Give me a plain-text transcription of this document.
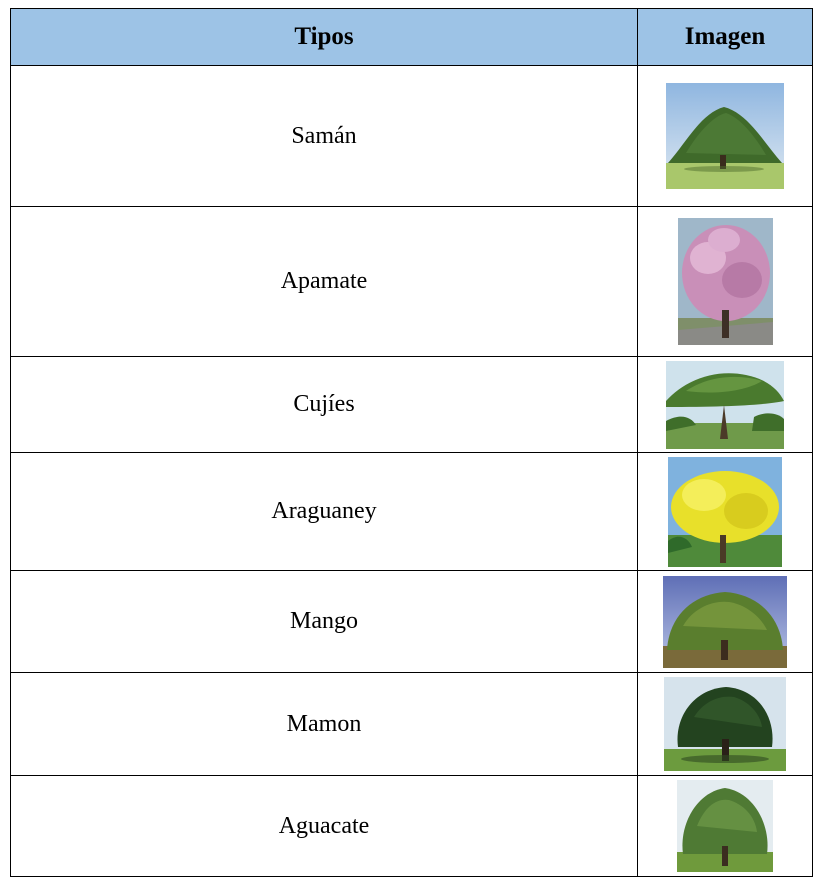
Tipos	Imagen
Samán	

Apamate	

Cujíes	

Araguaney	

Mango	

Mamon	

Aguacate	
